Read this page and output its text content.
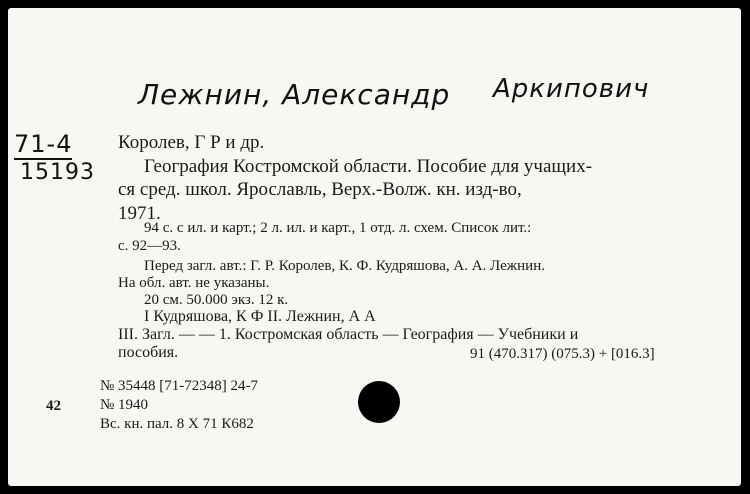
Лежнин, Александр Аркипович
71-4
15193
Королев, Г Р и др.
География Костромской области. Пособие для учащих-
ся сред. школ. Ярославль, Верх.-Волж. кн. изд-во,
1971.
94 с. с ил. и карт.; 2 л. ил. и карт., 1 отд. л. схем. Список лит.:
с. 92—93.
Перед загл. авт.: Г. Р. Королев, К. Ф. Кудряшова, А. А. Лежнин.
На обл. авт. не указаны.
20 см. 50.000 экз. 12 к.
I Кудряшова, К Ф II. Лежнин, А А
III. Загл. — — 1. Костромская область — География — Учебники и
пособия.	91 (470.317) (075.3) + [016.3]
№ 35448 [71-72348] 24-7
42	№ 1940
Вс. кн. пал. 8 X 71 К682
